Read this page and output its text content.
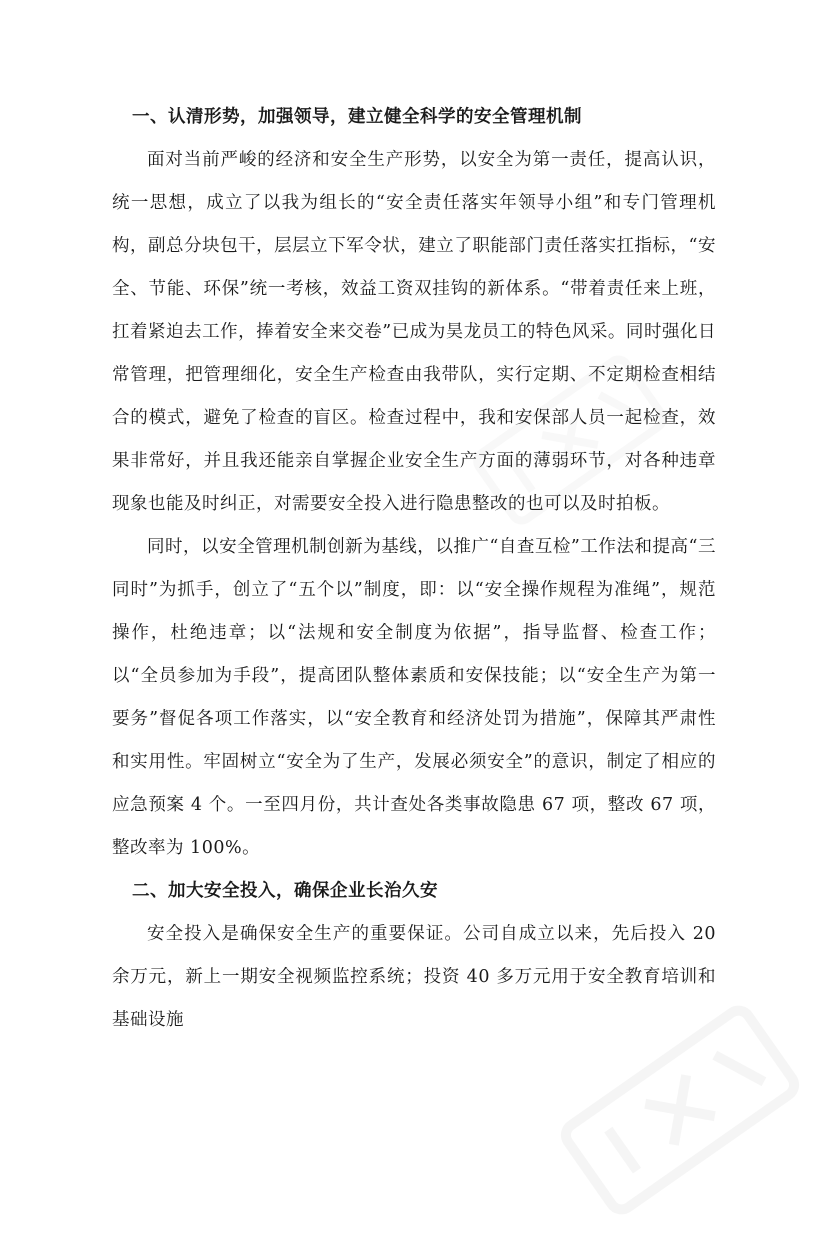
一、认清形势，加强领导，建立健全科学的安全管理机制

面对当前严峻的经济和安全生产形势，以安全为第一责任，提高认识，统一思想，成立了以我为组长的“安全责任落实年领导小组”和专门管理机构，副总分块包干，层层立下军令状，建立了职能部门责任落实扛指标，“安全、节能、环保”统一考核，效益工资双挂钩的新体系。“带着责任来上班，扛着紧迫去工作，捧着安全来交卷”已成为昊龙员工的特色风采。同时强化日常管理，把管理细化，安全生产检查由我带队，实行定期、不定期检查相结合的模式，避免了检查的盲区。检查过程中，我和安保部人员一起检查，效果非常好，并且我还能亲自掌握企业安全生产方面的薄弱环节，对各种违章现象也能及时纠正，对需要安全投入进行隐患整改的也可以及时拍板。

同时，以安全管理机制创新为基线，以推广“自查互检”工作法和提高“三同时”为抓手，创立了“五个以”制度，即：以“安全操作规程为准绳”，规范操作，杜绝违章；以“法规和安全制度为依据”，指导监督、检查工作；以“全员参加为手段”，提高团队整体素质和安保技能；以“安全生产为第一要务”督促各项工作落实，以“安全教育和经济处罚为措施”，保障其严肃性和实用性。牢固树立“安全为了生产，发展必须安全”的意识，制定了相应的应急预案 4 个。一至四月份，共计查处各类事故隐患 67 项，整改 67 项，整改率为 100%。

二、加大安全投入，确保企业长治久安

安全投入是确保安全生产的重要保证。公司自成立以来，先后投入 20 余万元，新上一期安全视频监控系统；投资 40 多万元用于安全教育培训和基础设施
